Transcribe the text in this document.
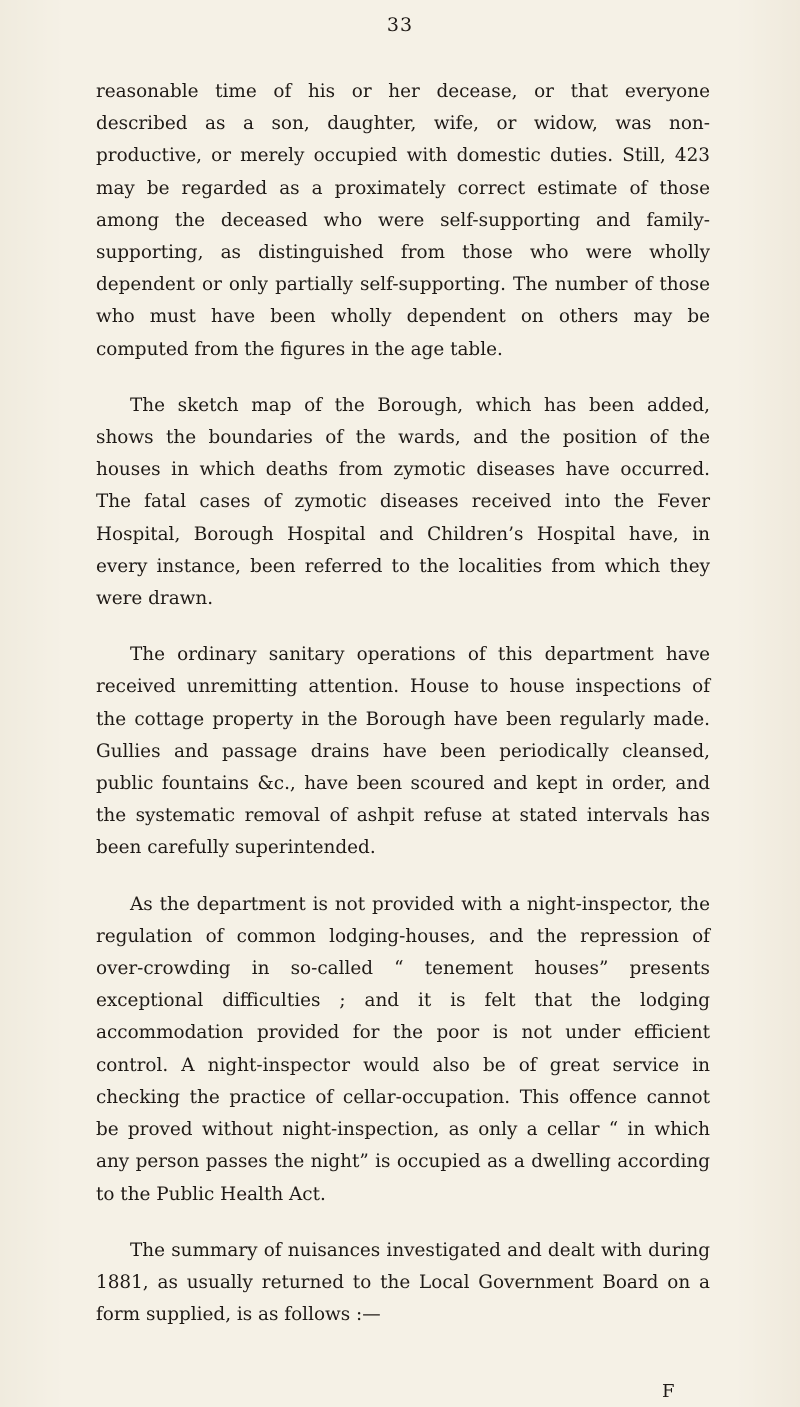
33

reasonable time of his or her decease, or that everyone described as a son, daughter, wife, or widow, was non-productive, or merely occupied with domestic duties. Still, 423 may be regarded as a proximately correct estimate of those among the deceased who were self-supporting and family-supporting, as distinguished from those who were wholly dependent or only partially self-supporting. The number of those who must have been wholly dependent on others may be computed from the figures in the age table.

The sketch map of the Borough, which has been added, shows the boundaries of the wards, and the position of the houses in which deaths from zymotic diseases have occurred. The fatal cases of zymotic diseases received into the Fever Hospital, Borough Hospital and Children’s Hospital have, in every instance, been referred to the localities from which they were drawn.

The ordinary sanitary operations of this department have received unremitting attention. House to house inspections of the cottage property in the Borough have been regularly made. Gullies and passage drains have been periodically cleansed, public fountains &c., have been scoured and kept in order, and the systematic removal of ashpit refuse at stated intervals has been carefully superintended.

As the department is not provided with a night-inspector, the regulation of common lodging-houses, and the repression of over-crowding in so-called “ tenement houses” presents exceptional difficulties ; and it is felt that the lodging accommodation provided for the poor is not under efficient control. A night-inspector would also be of great service in checking the practice of cellar-occupation. This offence cannot be proved without night-inspection, as only a cellar “ in which any person passes the night” is occupied as a dwelling according to the Public Health Act.

The summary of nuisances investigated and dealt with during 1881, as usually returned to the Local Government Board on a form supplied, is as follows :—

F
